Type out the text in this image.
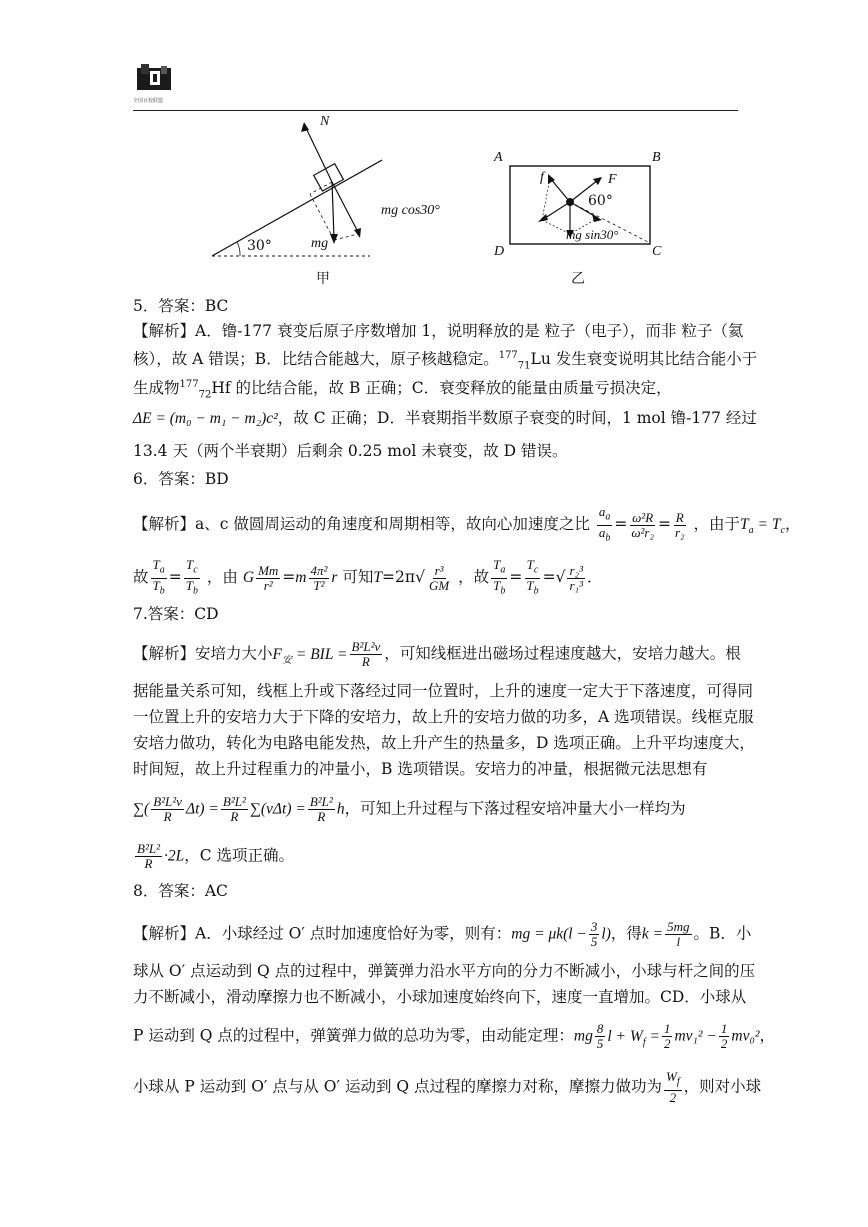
全国百校联盟
N
mg cos30°
mg
30°
甲
A	B
D	C
f	F
60°
mg sin30°
乙
5．答案：BC
【解析】A．镥-177 衰变后原子序数增加 1，说明释放的是 粒子（电子），而非 粒子（氦
核），故 A 错误；B．比结合能越大，原子核越稳定。$^{177}_{71}$Lu 发生衰变说明其比结合能小于
生成物$^{177}_{72}$Hf 的比结合能，故 B 正确；C．衰变释放的能量由质量亏损决定，
ΔE = (m₀ − m₁ − m₂)c²，故 C 正确；D．半衰期指半数原子衰变的时间，1 mol 镥-177 经过
13.4 天（两个半衰期）后剩余 0.25 mol 未衰变，故 D 错误。
6．答案：BD
【解析】a、c 做圆周运动的角速度和周期相等，故向心加速度之比 $\frac{a_a}{a_b} = \frac{\text{ω²R}}{\text{ω²r₂}} = \frac{R}{\text{r₂}}$ ，由于$T_a = T_c$，
故 $\frac{T_a}{T_b} = \frac{T_c}{T_b}$ ，由 G $\frac{Mm}{\text{r²}} =m \frac{\text{4π²}}{\text{T²}}$ r 可知$T=2\pi√ \frac{\text{r³}}{GM}$ ，故 $\frac{T_a}{T_b} = \frac{T_c}{T_b}$ =√ $\frac{\text{r₂³}}{\text{r₁³}}$ ．
7.答案：CD
【解析】安培力大小$F_安$ = BIL = $\frac{\text{B²L²v}}{R}$ ，可知线框进出磁场过程速度越大，安培力越大。根
据能量关系可知，线框上升或下落经过同一位置时，上升的速度一定大于下落速度，可得同
一位置上升的安培力大于下降的安培力，故上升的安培力做的功多，A 选项错误。线框克服
安培力做功，转化为电路电能发热，故上升产生的热量多，D 选项正确。上升平均速度大，
时间短，故上升过程重力的冲量小，B 选项错误。安培力的冲量，根据微元法思想有
∑( $\frac{\text{B²L²v}}{R} \Delta t) = \frac{\text{B²L²}}{R} \sum(v\Delta t) = \frac{\text{B²L²}}{R}$ h，可知上升过程与下落过程安培冲量大小一样均为
$\frac{\text{B²L²}}{R} \cdot 2L$，C 选项正确。
8．答案：AC
【解析】A．小球经过 O′ 点时加速度恰好为零，则有：mg = $\mu k(l - \frac{3}{5} l)$，得$k = \frac{5mg}{l}$ 。B．小
球从 O′ 点运动到 Q 点的过程中，弹簧弹力沿水平方向的分力不断减小，小球与杆之间的压
力不断减小，滑动摩擦力也不断减小，小球加速度始终向下，速度一直增加。CD．小球从
P 运动到 Q 点的过程中，弹簧弹力做的总功为零，由动能定理：mg $\frac{8}{5}$ $l + W_f = \frac{1}{2} mv_1^2 - \frac{1}{2} mv_0^2$，
小球从 P 运动到 O′ 点与从 O′ 运动到 Q 点过程的摩擦力对称，摩擦力做功为 $\frac{W_f}{2}$ ，则对小球
